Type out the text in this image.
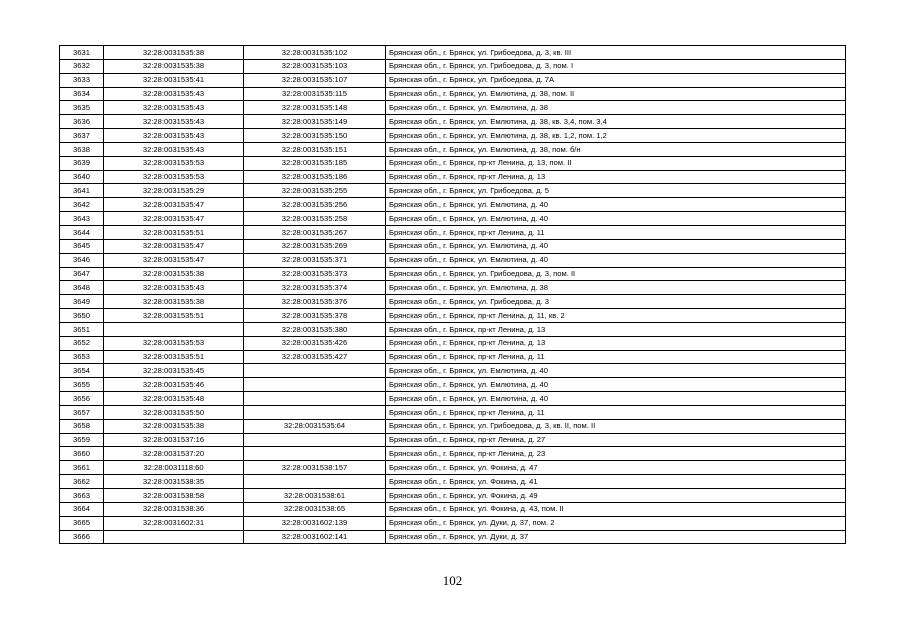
3631	32:28:0031535:38	32:28:0031535:102	Брянская обл., г. Брянск, ул. Грибоедова, д. 3, кв. III
3632	32:28:0031535:38	32:28:0031535:103	Брянская обл., г. Брянск, ул. Грибоедова, д. 3, пом. I
3633	32:28:0031535:41	32:28:0031535:107	Брянская обл., г. Брянск, ул. Грибоедова, д. 7А
3634	32:28:0031535:43	32:28:0031535:115	Брянская обл., г. Брянск, ул. Емлютина, д. 38, пом. II
3635	32:28:0031535:43	32:28:0031535:148	Брянская обл., г. Брянск, ул. Емлютина, д. 38
3636	32:28:0031535:43	32:28:0031535:149	Брянская обл., г. Брянск, ул. Емлютина, д. 38, кв. 3,4, пом. 3,4
3637	32:28:0031535:43	32:28:0031535:150	Брянская обл., г. Брянск, ул. Емлютина, д. 38, кв. 1,2, пом. 1,2
3638	32:28:0031535:43	32:28:0031535:151	Брянская обл., г. Брянск, ул. Емлютина, д. 38, пом. б/н
3639	32:28:0031535:53	32:28:0031535:185	Брянская обл., г. Брянск, пр-кт Ленина, д. 13, пом. II
3640	32:28:0031535:53	32:28:0031535:186	Брянская обл., г. Брянск, пр-кт Ленина, д. 13
3641	32:28:0031535:29	32:28:0031535:255	Брянская обл., г. Брянск, ул. Грибоедова, д. 5
3642	32:28:0031535:47	32:28:0031535:256	Брянская обл., г. Брянск, ул. Емлютина, д. 40
3643	32:28:0031535:47	32:28:0031535:258	Брянская обл., г. Брянск, ул. Емлютина, д. 40
3644	32:28:0031535:51	32:28:0031535:267	Брянская обл., г. Брянск, пр-кт Ленина, д. 11
3645	32:28:0031535:47	32:28:0031535:269	Брянская обл., г. Брянск, ул. Емлютина, д. 40
3646	32:28:0031535:47	32:28:0031535:371	Брянская обл., г. Брянск, ул. Емлютина, д. 40
3647	32:28:0031535:38	32:28:0031535:373	Брянская обл., г. Брянск, ул. Грибоедова, д. 3, пом. II
3648	32:28:0031535:43	32:28:0031535:374	Брянская обл., г. Брянск, ул. Емлютина, д. 38
3649	32:28:0031535:38	32:28:0031535:376	Брянская обл., г. Брянск, ул. Грибоедова, д. 3
3650	32:28:0031535:51	32:28:0031535:378	Брянская обл., г. Брянск, пр-кт Ленина, д. 11, кв. 2
3651		32:28:0031535:380	Брянская обл., г. Брянск, пр-кт Ленина, д. 13
3652	32:28:0031535:53	32:28:0031535:426	Брянская обл., г. Брянск, пр-кт Ленина, д. 13
3653	32:28:0031535:51	32:28:0031535:427	Брянская обл., г. Брянск, пр-кт Ленина, д. 11
3654	32:28:0031535:45		Брянская обл., г. Брянск, ул. Емлютина, д. 40
3655	32:28:0031535:46		Брянская обл., г. Брянск, ул. Емлютина, д. 40
3656	32:28:0031535:48		Брянская обл., г. Брянск, ул. Емлютина, д. 40
3657	32:28:0031535:50		Брянская обл., г. Брянск, пр-кт Ленина, д. 11
3658	32:28:0031535:38	32:28:0031535:64	Брянская обл., г. Брянск, ул. Грибоедова, д. 3, кв. II, пом. II
3659	32:28:0031537:16		Брянская обл., г. Брянск, пр-кт Ленина, д. 27
3660	32:28:0031537:20		Брянская обл., г. Брянск, пр-кт Ленина, д. 23
3661	32:28:0031118:60	32:28:0031538:157	Брянская обл., г. Брянск, ул. Фокина, д. 47
3662	32:28:0031538:35		Брянская обл., г. Брянск, ул. Фокина, д. 41
3663	32:28:0031538:58	32:28:0031538:61	Брянская обл., г. Брянск, ул. Фокина, д. 49
3664	32:28:0031538:36	32:28:0031538:65	Брянская обл., г. Брянск, ул. Фокина, д. 43, пом. II
3665	32:28:0031602:31	32:28:0031602:139	Брянская обл., г. Брянск, ул. Дуки, д. 37, пом. 2
3666		32:28:0031602:141	Брянская обл., г. Брянск, ул. Дуки, д. 37
102
